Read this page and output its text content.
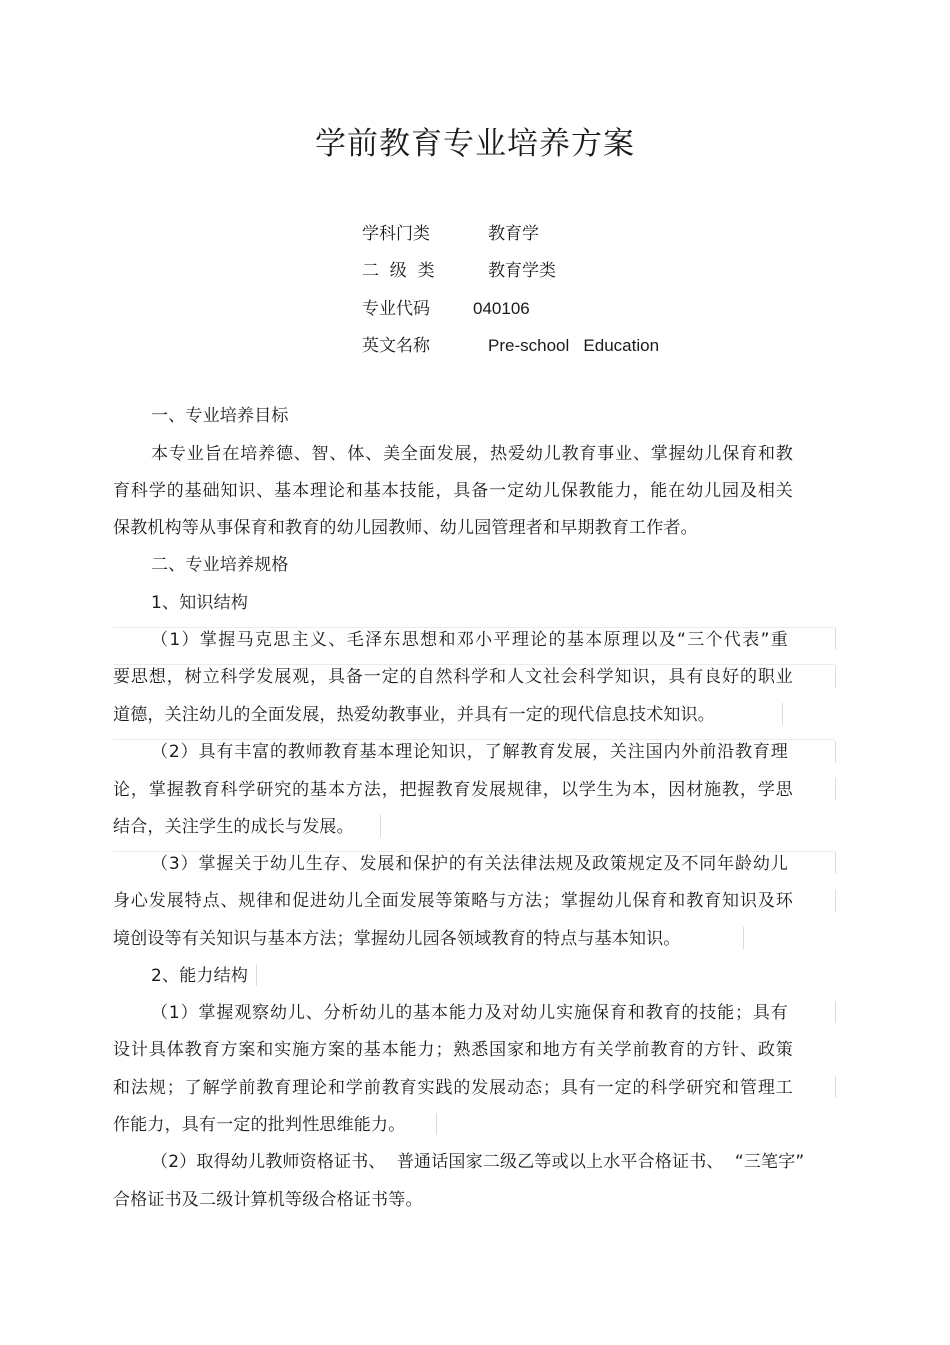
学前教育专业培养方案
学科门类	教育学
二  级  类	教育学类
专业代码	040106
英文名称	Pre-school   Education
一、专业培养目标
本专业旨在培养德、智、体、美全面发展，热爱幼儿教育事业、掌握幼儿保育和教
育科学的基础知识、基本理论和基本技能，具备一定幼儿保教能力，能在幼儿园及相关
保教机构等从事保育和教育的幼儿园教师、幼儿园管理者和早期教育工作者。
二、专业培养规格
1、知识结构
（1）掌握马克思主义、毛泽东思想和邓小平理论的基本原理以及“三个代表”重
要思想，树立科学发展观，具备一定的自然科学和人文社会科学知识，具有良好的职业
道德，关注幼儿的全面发展，热爱幼教事业，并具有一定的现代信息技术知识。
（2）具有丰富的教师教育基本理论知识，了解教育发展，关注国内外前沿教育理
论，掌握教育科学研究的基本方法，把握教育发展规律，以学生为本，因材施教，学思
结合，关注学生的成长与发展。
（3）掌握关于幼儿生存、发展和保护的有关法律法规及政策规定及不同年龄幼儿
身心发展特点、规律和促进幼儿全面发展等策略与方法；掌握幼儿保育和教育知识及环
境创设等有关知识与基本方法；掌握幼儿园各领域教育的特点与基本知识。
2、能力结构
（1）掌握观察幼儿、分析幼儿的基本能力及对幼儿实施保育和教育的技能；具有
设计具体教育方案和实施方案的基本能力；熟悉国家和地方有关学前教育的方针、政策
和法规；了解学前教育理论和学前教育实践的发展动态；具有一定的科学研究和管理工
作能力，具有一定的批判性思维能力。
（2）取得幼儿教师资格证书、  普通话国家二级乙等或以上水平合格证书、  “三笔字”
合格证书及二级计算机等级合格证书等。
